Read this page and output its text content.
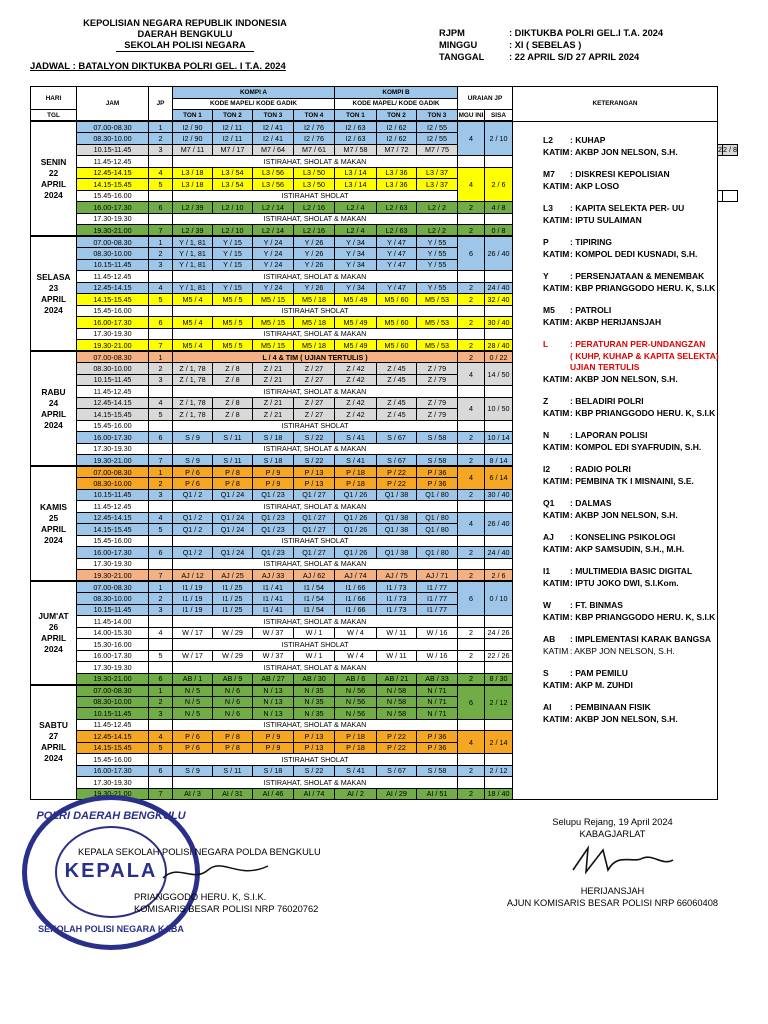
KEPOLISIAN NEGARA REPUBLIK INDONESIA
DAERAH BENGKULU
SEKOLAH POLISI NEGARA
RJPM	: DIKTUKBA POLRI GEL.I T.A. 2024
MINGGU	: XI ( SEBELAS )
TANGGAL	: 22 APRIL S/D 27 APRIL 2024
JADWAL : BATALYON DIKTUKBA POLRI GEL. I T.A. 2024
HARI	JAM	JP	KOMPI A				KOMPI B			URAIAN JP		KETERANGAN		
			KODE MAPEL/ KODE GADIK				KODE MAPEL/ KODE GADIK							
TGL			TON 1	TON 2	TON 3	TON 4	TON 1	TON 2	TON 3	MGU INI	SISA			

SENIN
22
APRIL
2024	07.00-08.30	1	I2 / 90	I2 / 11	I2 / 41	I2 / 76	I2 / 63	I2 / 62	I2 / 55	4	2 / 10			
	08.30-10.00	2	I2 / 90	I2 / 11	I2 / 41	I2 / 76	I2 / 63	I2 / 62	I2 / 55					
	10.15-11.45	3	M7 / 11	M7 / 17	M7 / 64	M7 / 61	M7 / 58	M7 / 72	M7 / 75				2	2 / 8
	11.45-12.45		ISTIRAHAT, SHOLAT & MAKAN											
	12.45-14.15	4	L3 / 18	L3 / 54	L3 / 56	L3 / 50	L3 / 14	L3 / 36	L3 / 37	4	2 / 6			
	14.15-15.45	5	L3 / 18	L3 / 54	L3 / 56	L3 / 50	L3 / 14	L3 / 36	L3 / 37					
	15.45-16.00		ISTIRAHAT SHOLAT											
	16.00-17.30	6	L2 / 39	L2 / 10	L2 / 14	L2 / 16	L2 / 4	L2 / 63	L2 / 2	2	4 / 8			
	17.30-19.30		ISTIRAHAT, SHOLAT & MAKAN											
	19.30-21.00	7	L2 / 39	L2 / 10	L2 / 14	L2 / 16	L2 / 4	L2 / 63	L2 / 2	2	0 / 8			

SELASA
23
APRIL
2024	07.00-08.30	1	Y / 1, 81	Y / 15	Y / 24	Y / 26	Y / 34	Y / 47	Y / 55	6	26 / 40			
	08.30-10.00	2	Y / 1, 81	Y / 15	Y / 24	Y / 26	Y / 34	Y / 47	Y / 55					
	10.15-11.45	3	Y / 1, 81	Y / 15	Y / 24	Y / 26	Y / 34	Y / 47	Y / 55					
	11.45-12.45		ISTIRAHAT, SHOLAT & MAKAN											
	12.45-14.15	4	Y / 1, 81	Y / 15	Y / 24	Y / 26	Y / 34	Y / 47	Y / 55	2	24 / 40			
	14.15-15.45	5	M5 / 4	M5 / 5	M5 / 15	M5 / 18	M5 / 49	M5 / 60	M5 / 53	2	32 / 40			
	15.45-16.00		ISTIRAHAT SHOLAT											
	16.00-17.30	6	M5 / 4	M5 / 5	M5 / 15	M5 / 18	M5 / 49	M5 / 60	M5 / 53	2	30 / 40			
	17.30-19.30		ISTIRAHAT, SHOLAT & MAKAN											
	19.30-21.00	7	M5 / 4	M5 / 5	M5 / 15	M5 / 18	M5 / 49	M5 / 60	M5 / 53	2	28 / 40			

RABU
24
APRIL
2024	07.00-08.30	1	L / 4 & TIM ( UJIAN TERTULIS )							2	0 / 22			
	08.30-10.00	2	Z / 1, 78	Z / 8	Z / 21	Z / 27	Z / 42	Z / 45	Z / 79	4	14 / 50			
	10.15-11.45	3	Z / 1, 78	Z / 8	Z / 21	Z / 27	Z / 42	Z / 45	Z / 79					
	11.45-12.45		ISTIRAHAT, SHOLAT & MAKAN											
	12.45-14.15	4	Z / 1, 78	Z / 8	Z / 21	Z / 27	Z / 42	Z / 45	Z / 79	4	10 / 50			
	14.15-15.45	5	Z / 1, 78	Z / 8	Z / 21	Z / 27	Z / 42	Z / 45	Z / 79					
	15.45-16.00		ISTIRAHAT SHOLAT											
	16.00-17.30	6	S / 9	S / 11	S / 18	S / 22	S / 41	S / 67	S / 58	2	10 / 14			
	17.30-19.30		ISTIRAHAT, SHOLAT & MAKAN											
	19.30-21.00	7	S / 9	S / 11	S / 18	S / 22	S / 41	S / 67	S / 58	2	8 / 14			

KAMIS
25
APRIL
2024	07.00-08.30	1	P / 6	P / 8	P / 9	P / 13	P / 18	P / 22	P / 36	4	6 / 14			
	08.30-10.00	2	P / 6	P / 8	P / 9	P / 13	P / 18	P / 22	P / 36					
	10.15-11.45	3	Q1 / 2	Q1 / 24	Q1 / 23	Q1 / 27	Q1 / 26	Q1 / 38	Q1 / 80	2	30 / 40			
	11.45-12.45		ISTIRAHAT, SHOLAT & MAKAN											
	12.45-14.15	4	Q1 / 2	Q1 / 24	Q1 / 23	Q1 / 27	Q1 / 26	Q1 / 38	Q1 / 80	4	26 / 40			
	14.15-15.45	5	Q1 / 2	Q1 / 24	Q1 / 23	Q1 / 27	Q1 / 26	Q1 / 38	Q1 / 80					
	15.45-16.00		ISTIRAHAT SHOLAT											
	16.00-17.30	6	Q1 / 2	Q1 / 24	Q1 / 23	Q1 / 27	Q1 / 26	Q1 / 38	Q1 / 80	2	24 / 40			
	17.30-19.30		ISTIRAHAT, SHOLAT & MAKAN											
	19.30-21.00	7	AJ / 12	AJ / 25	AJ / 33	AJ / 62	AJ / 74	AJ / 75	AJ / 71	2	2 / 6			

JUM'AT
26
APRIL
2024	07.00-08.30	1	I1 / 19	I1 / 25	I1 / 41	I1 / 54	I1 / 66	I1 / 73	I1 / 77	6	0 / 10			
	08.30-10.00	2	I1 / 19	I1 / 25	I1 / 41	I1 / 54	I1 / 66	I1 / 73	I1 / 77					
	10.15-11.45	3	I1 / 19	I1 / 25	I1 / 41	I1 / 54	I1 / 66	I1 / 73	I1 / 77					
	11.45-14.00		ISTIRAHAT, SHOLAT & MAKAN											
	14.00-15.30	4	W / 17	W / 29	W / 37	W / 1	W / 4	W / 11	W / 16	2	24 / 26			
	15.30-16.00		ISTIRAHAT SHOLAT											
	16.00-17.30	5	W / 17	W / 29	W / 37	W / 1	W / 4	W / 11	W / 16	2	22 / 26			
	17.30-19.30		ISTIRAHAT, SHOLAT & MAKAN											
	19.30-21.00	6	AB / 1	AB / 9	AB / 27	AB / 30	AB / 6	AB / 21	AB / 33	2	8 / 30			

SABTU
27
APRIL
2024	07.00-08.30	1	N / 5	N / 6	N / 13	N / 35	N / 56	N / 58	N / 71	6	2 / 12			
	08.30-10.00	2	N / 5	N / 6	N / 13	N / 35	N / 56	N / 58	N / 71					
	10.15-11.45	3	N / 5	N / 6	N / 13	N / 35	N / 56	N / 58	N / 71					
	11.45-12.45		ISTIRAHAT, SHOLAT & MAKAN											
	12.45-14.15	4	P / 6	P / 8	P / 9	P / 13	P / 18	P / 22	P / 36	4	2 / 14			
	14.15-15.45	5	P / 6	P / 8	P / 9	P / 13	P / 18	P / 22	P / 36					
	15.45-16.00		ISTIRAHAT SHOLAT											
	16.00-17.30	6	S / 9	S / 11	S / 18	S / 22	S / 41	S / 67	S / 58	2	2 / 12			
	17.30-19.30		ISTIRAHAT, SHOLAT & MAKAN											
	19.30-21.00	7	AI / 3	AI / 31	AI / 46	AI / 74	AI / 2	AI / 29	AI / 51	2	18 / 40			
L2	: KUHAP
KATIM : AKBP JON NELSON, S.H.
M7	: DISKRESI KEPOLISIAN
KATIM : AKP LOSO
L3	: KAPITA SELEKTA PER- UU
KATIM : IPTU SULAIMAN
P	: TIPIRING
KATIM : KOMPOL DEDI KUSNADI, S.H.
Y	: PERSENJATAAN & MENEMBAK
KATIM : KBP PRIANGGODO HERU. K, S.I.K
M5	: PATROLI
KATIM : AKBP HERIJANSJAH
L	: PERATURAN PER-UNDANGZAN
( KUHP, KUHAP & KAPITA SELEKTA)
UJIAN TERTULIS
KATIM : AKBP JON NELSON, S.H.
Z	: BELADIRI POLRI
KATIM : KBP PRIANGGODO HERU. K, S.I.K
N	: LAPORAN POLISI
KATIM : KOMPOL EDI SYAFRUDIN, S.H.
I2	: RADIO POLRI
KATIM : PEMBINA TK I MISNAINI, S.E.
Q1	: DALMAS
KATIM : AKBP JON NELSON, S.H.
AJ	: KONSELING PSIKOLOGI
KATIM : AKP SAMSUDIN, S.H., M.H.
I1	: MULTIMEDIA BASIC DIGITAL
KATIM : IPTU JOKO DWI, S.I.Kom.
W	: FT. BINMAS
KATIM : KBP PRIANGGODO HERU. K, S.I.K
AB	: IMPLEMENTASI KARAK BANGSA
KATIM : AKBP JON NELSON, S.H.
S	: PAM PEMILU
KATIM : AKP M. ZUHDI
AI	: PEMBINAAN FISIK
KATIM : AKBP JON NELSON, S.H.
POLRI DAERAH BENGKULU
KEPALA
SEKOLAH POLISI NEGARA KABA
KEPALA SEKOLAH POLISI NEGARA POLDA BENGKULU
PRIANGGODO HERU. K, S.I.K.
KOMISARIS BESAR POLISI NRP 76020762
Selupu Rejang, 19 April 2024
KABAGJARLAT
HERIJANSJAH
AJUN KOMISARIS BESAR POLISI NRP 66060408
